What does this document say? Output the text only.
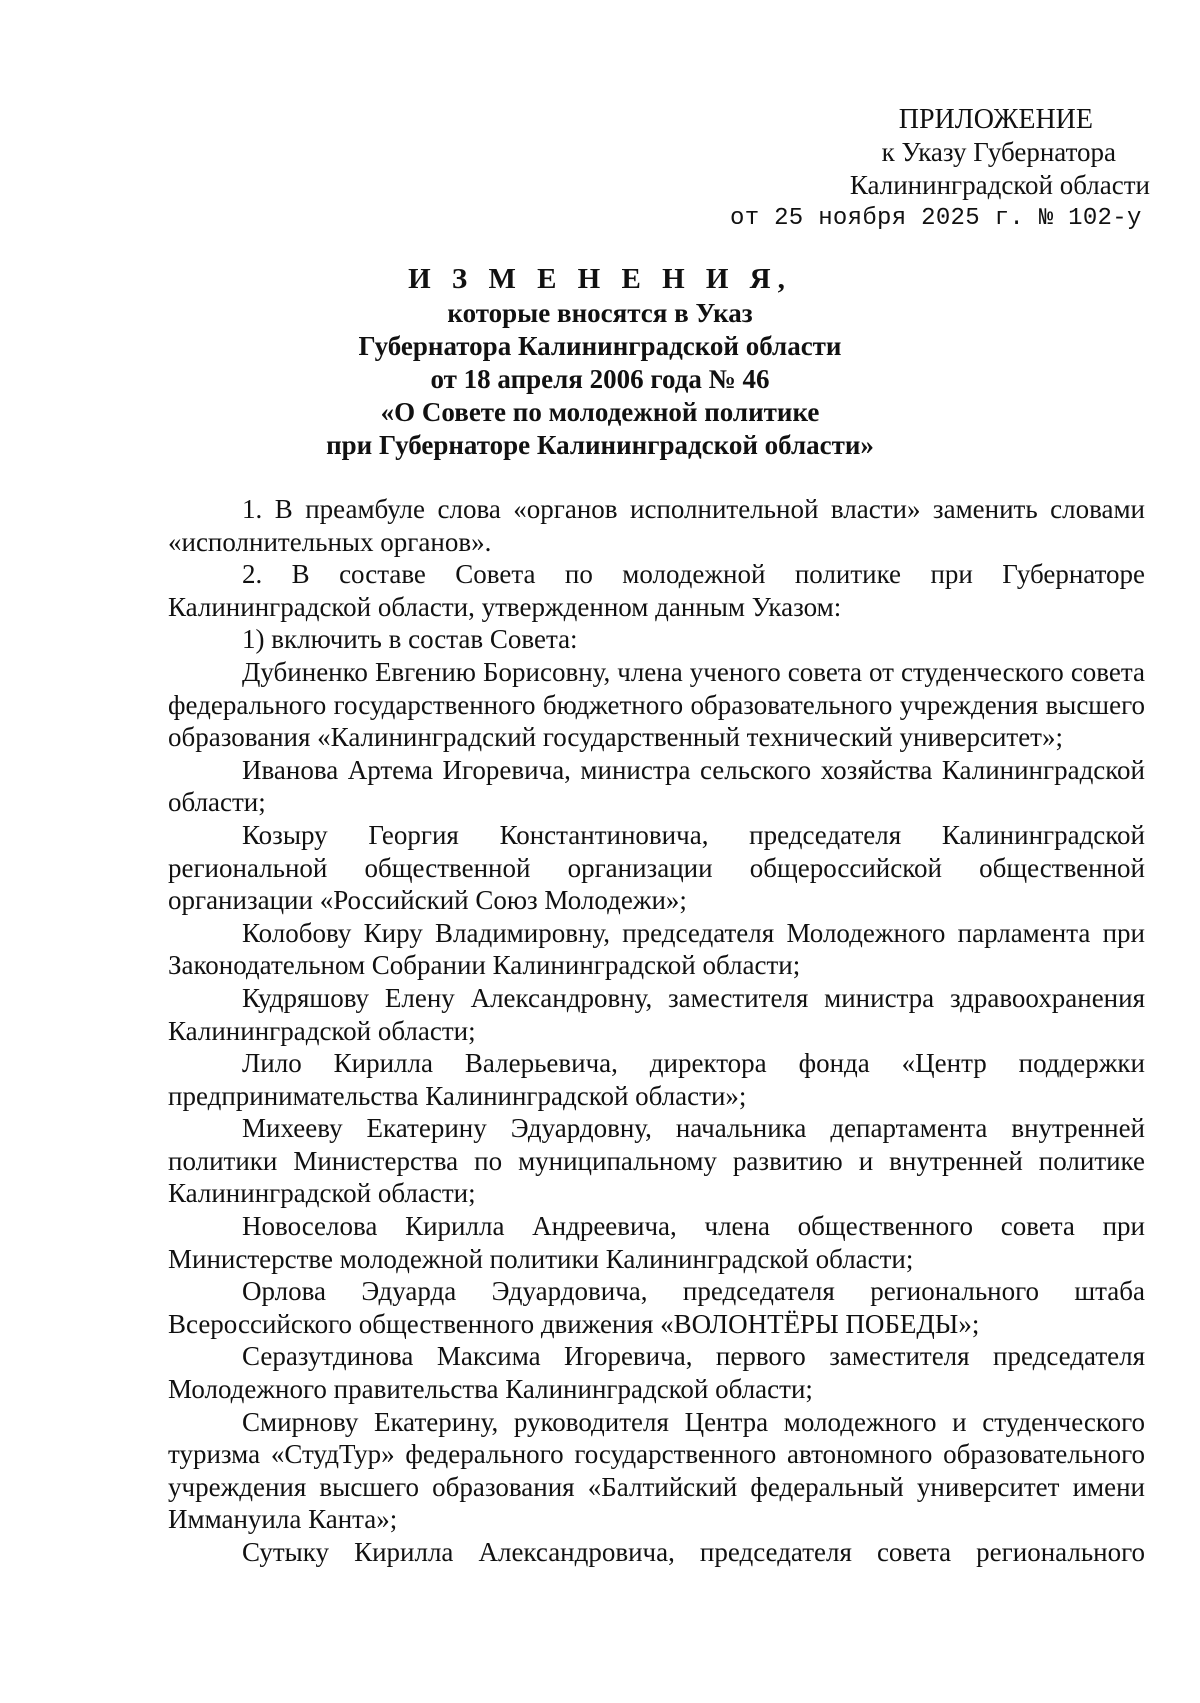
ПРИЛОЖЕНИЕ
к Указу Губернатора
Калининградской области
от 25 ноября 2025 г. № 102-у
И З М Е Н Е Н И Я,
которые вносятся в Указ
Губернатора Калининградской области
от 18 апреля 2006 года № 46
«О Совете по молодежной политике
при Губернаторе Калининградской области»

1. В преамбуле слова «органов исполнительной власти» заменить словами «исполнительных органов».

2. В составе Совета по молодежной политике при Губернаторе Калининградской области, утвержденном данным Указом:

1) включить в состав Совета:

Дубиненко Евгению Борисовну, члена ученого совета от студенческого совета федерального государственного бюджетного образовательного учреждения высшего образования «Калининградский государственный технический университет»;

Иванова Артема Игоревича, министра сельского хозяйства Калининградской области;

Козыру Георгия Константиновича, председателя Калининградской региональной общественной организации общероссийской общественной организации «Российский Союз Молодежи»;

Колобову Киру Владимировну, председателя Молодежного парламента при Законодательном Собрании Калининградской области;

Кудряшову Елену Александровну, заместителя министра здравоохранения Калининградской области;

Лило Кирилла Валерьевича, директора фонда «Центр поддержки предпринимательства Калининградской области»;

Михееву Екатерину Эдуардовну, начальника департамента внутренней политики Министерства по муниципальному развитию и внутренней политике Калининградской области;

Новоселова Кирилла Андреевича, члена общественного совета при Министерстве молодежной политики Калининградской области;

Орлова Эдуарда Эдуардовича, председателя регионального штаба Всероссийского общественного движения «ВОЛОНТЁРЫ ПОБЕДЫ»;

Серазутдинова Максима Игоревича, первого заместителя председателя Молодежного правительства Калининградской области;

Смирнову Екатерину, руководителя Центра молодежного и студенческого туризма «СтудТур» федерального государственного автономного образовательного учреждения высшего образования «Балтийский федеральный университет имени Иммануила Канта»;

Сутыку Кирилла Александровича, председателя совета регионального
